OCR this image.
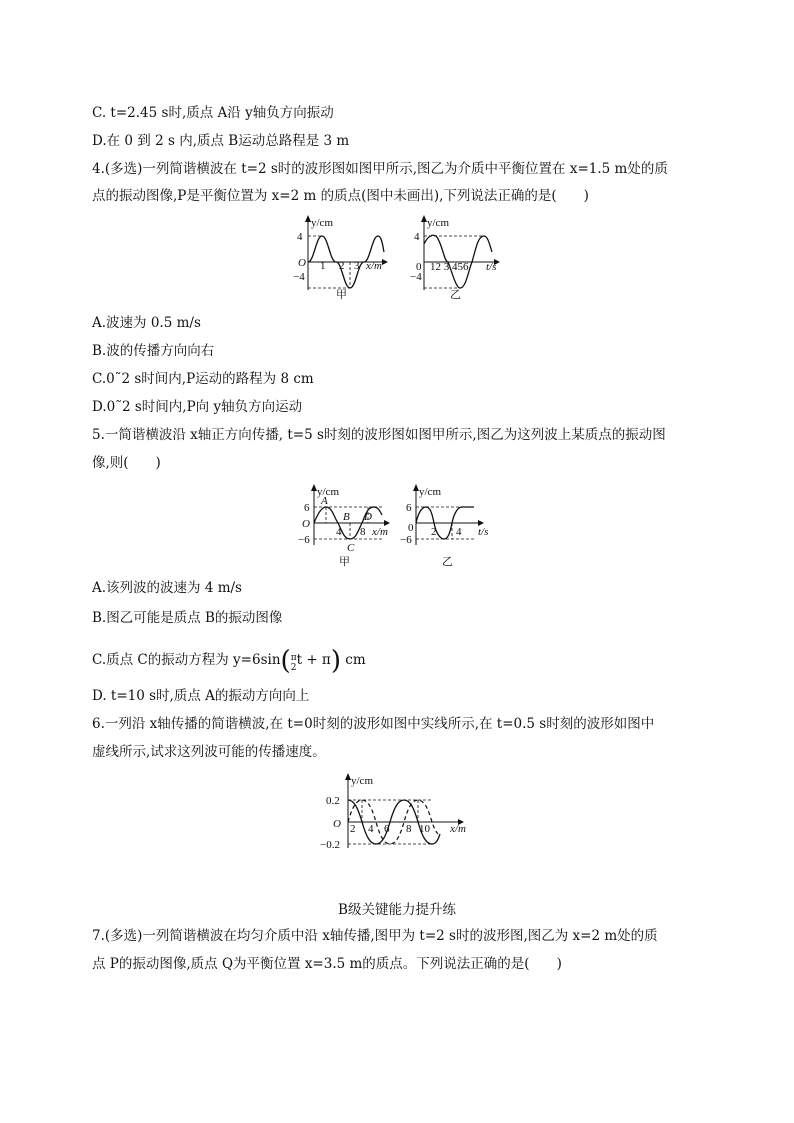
C. t=2.45 s时,质点 A沿 y轴负方向振动
D.在 0 到 2 s 内,质点 B运动总路程是 3 m
4.(多选)一列简谐横波在 t=2 s时的波形图如图甲所示,图乙为介质中平衡位置在 x=1.5 m处的质
点的振动图像,P是平衡位置为 x=2 m 的质点(图中未画出),下列说法正确的是(　　)
y/cm
4
O
−4
1 2 3 x/m
甲
y/cm
4
0
−4
12 3 456 t/s
乙
A.波速为 0.5 m/s
B.波的传播方向向右
C.0˜2 s时间内,P运动的路程为 8 cm
D.0˜2 s时间内,P向 y轴负方向运动
5.一简谐横波沿 x轴正方向传播, t=5 s时刻的波形图如图甲所示,图乙为这列波上某质点的振动图
像,则(　　)
y/cm
6
O
−6
A
B
C
D
4 8 x/m
甲
y/cm
6
0
−6
2 4 t/s
乙
A.该列波的波速为 4 m/s
B.图乙可能是质点 B的振动图像
C.质点 C的振动方程为 y=6sin( π
2 t + π) cm
D. t=10 s时,质点 A的振动方向向上
6.一列沿 x轴传播的简谐横波,在 t=0时刻的波形如图中实线所示,在 t=0.5 s时刻的波形如图中
虚线所示,试求这列波可能的传播速度。
y/cm
0.2
O
−0.2
2 4 6 8 10 x/m
B级关键能力提升练
7.(多选)一列简谐横波在均匀介质中沿 x轴传播,图甲为 t=2 s时的波形图,图乙为 x=2 m处的质
点 P的振动图像,质点 Q为平衡位置 x=3.5 m的质点。下列说法正确的是(　　)
